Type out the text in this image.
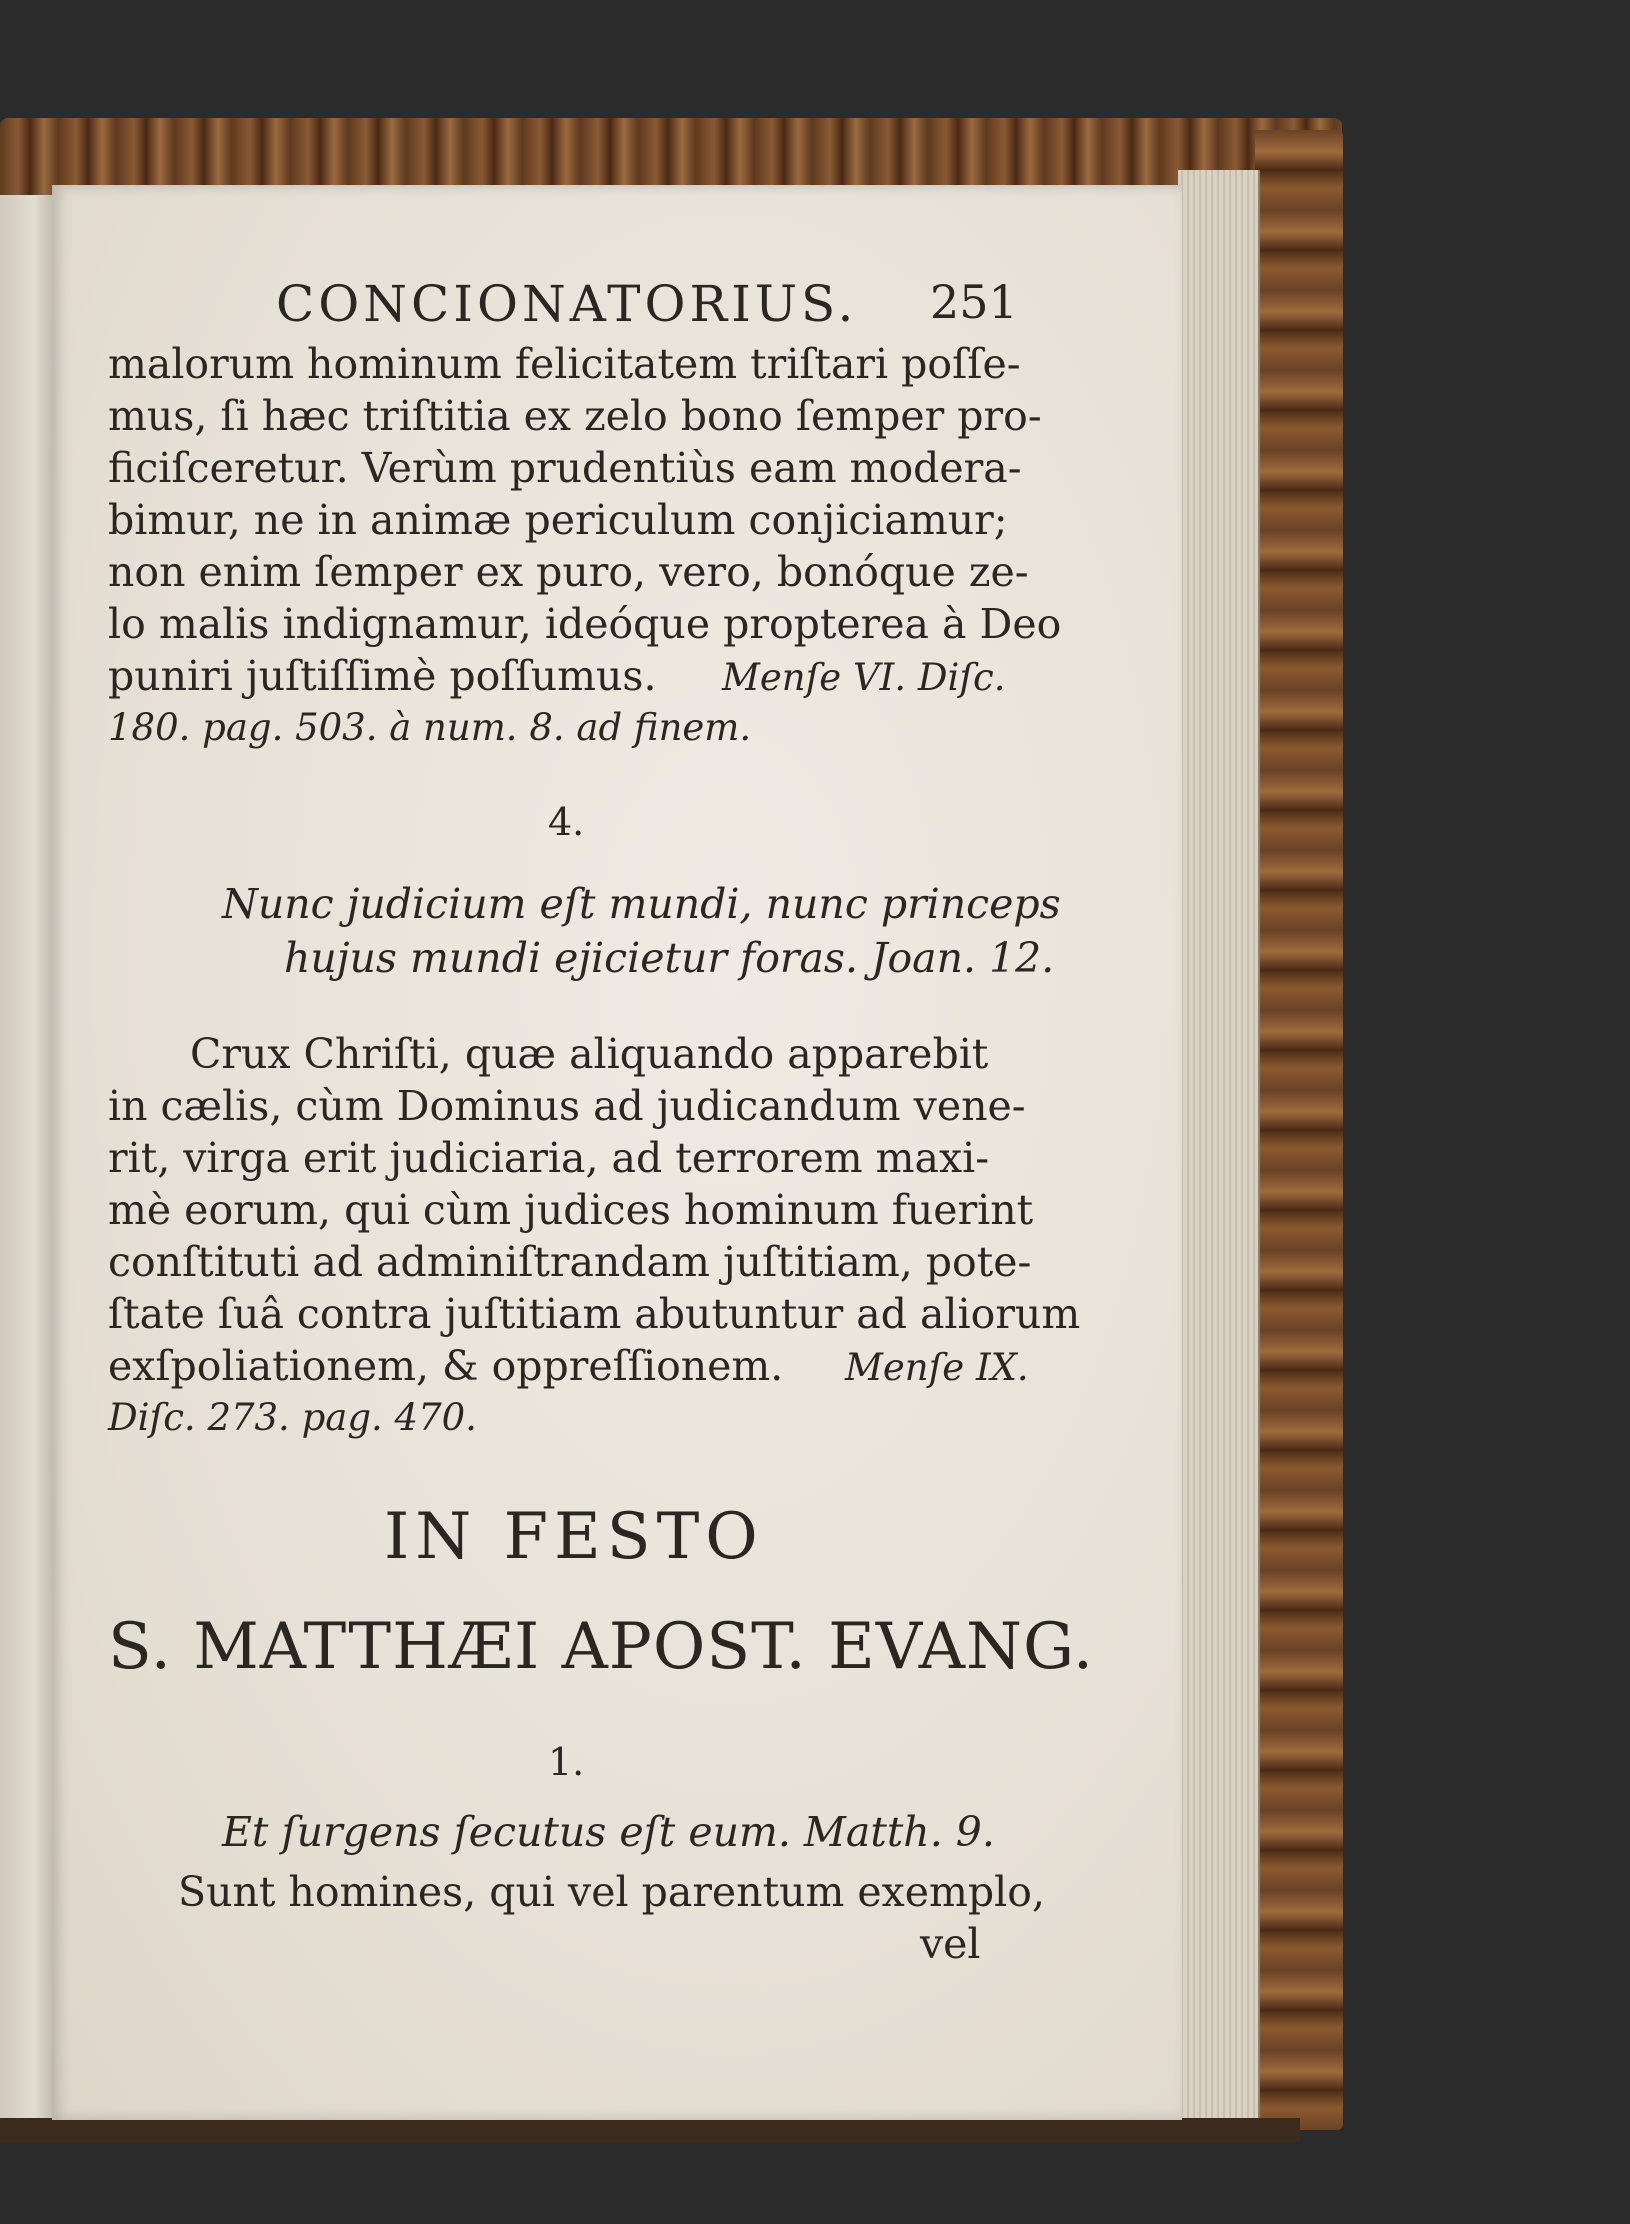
CONCIONATORIUS. 251
malorum hominum felicitatem triſtari poſſe-
mus, ſi hæc triſtitia ex zelo bono ſemper pro-
ficiſceretur. Verùm prudentiùs eam modera-
bimur, ne in animæ periculum conjiciamur;
non enim ſemper ex puro, vero, bonóque ze-
lo malis indignamur, ideóque propterea à Deo
puniri juſtiſſimè poſſumus. Menſe VI. Diſc.
180. pag. 503. à num. 8. ad finem.
4.
Nunc judicium eſt mundi, nunc princeps
hujus mundi ejicietur foras. Joan. 12.
Crux Chriſti, quæ aliquando apparebit
in cælis, cùm Dominus ad judicandum vene-
rit, virga erit judiciaria, ad terrorem maxi-
mè eorum, qui cùm judices hominum fuerint
conſtituti ad adminiſtrandam juſtitiam, pote-
ſtate ſuâ contra juſtitiam abutuntur ad aliorum
exſpoliationem, & oppreſſionem. Menſe IX.
Diſc. 273. pag. 470.
IN FESTO
S. MATTHÆI APOST. EVANG.
1.
Et ſurgens ſecutus eſt eum. Matth. 9.
Sunt homines, qui vel parentum exemplo,
vel
